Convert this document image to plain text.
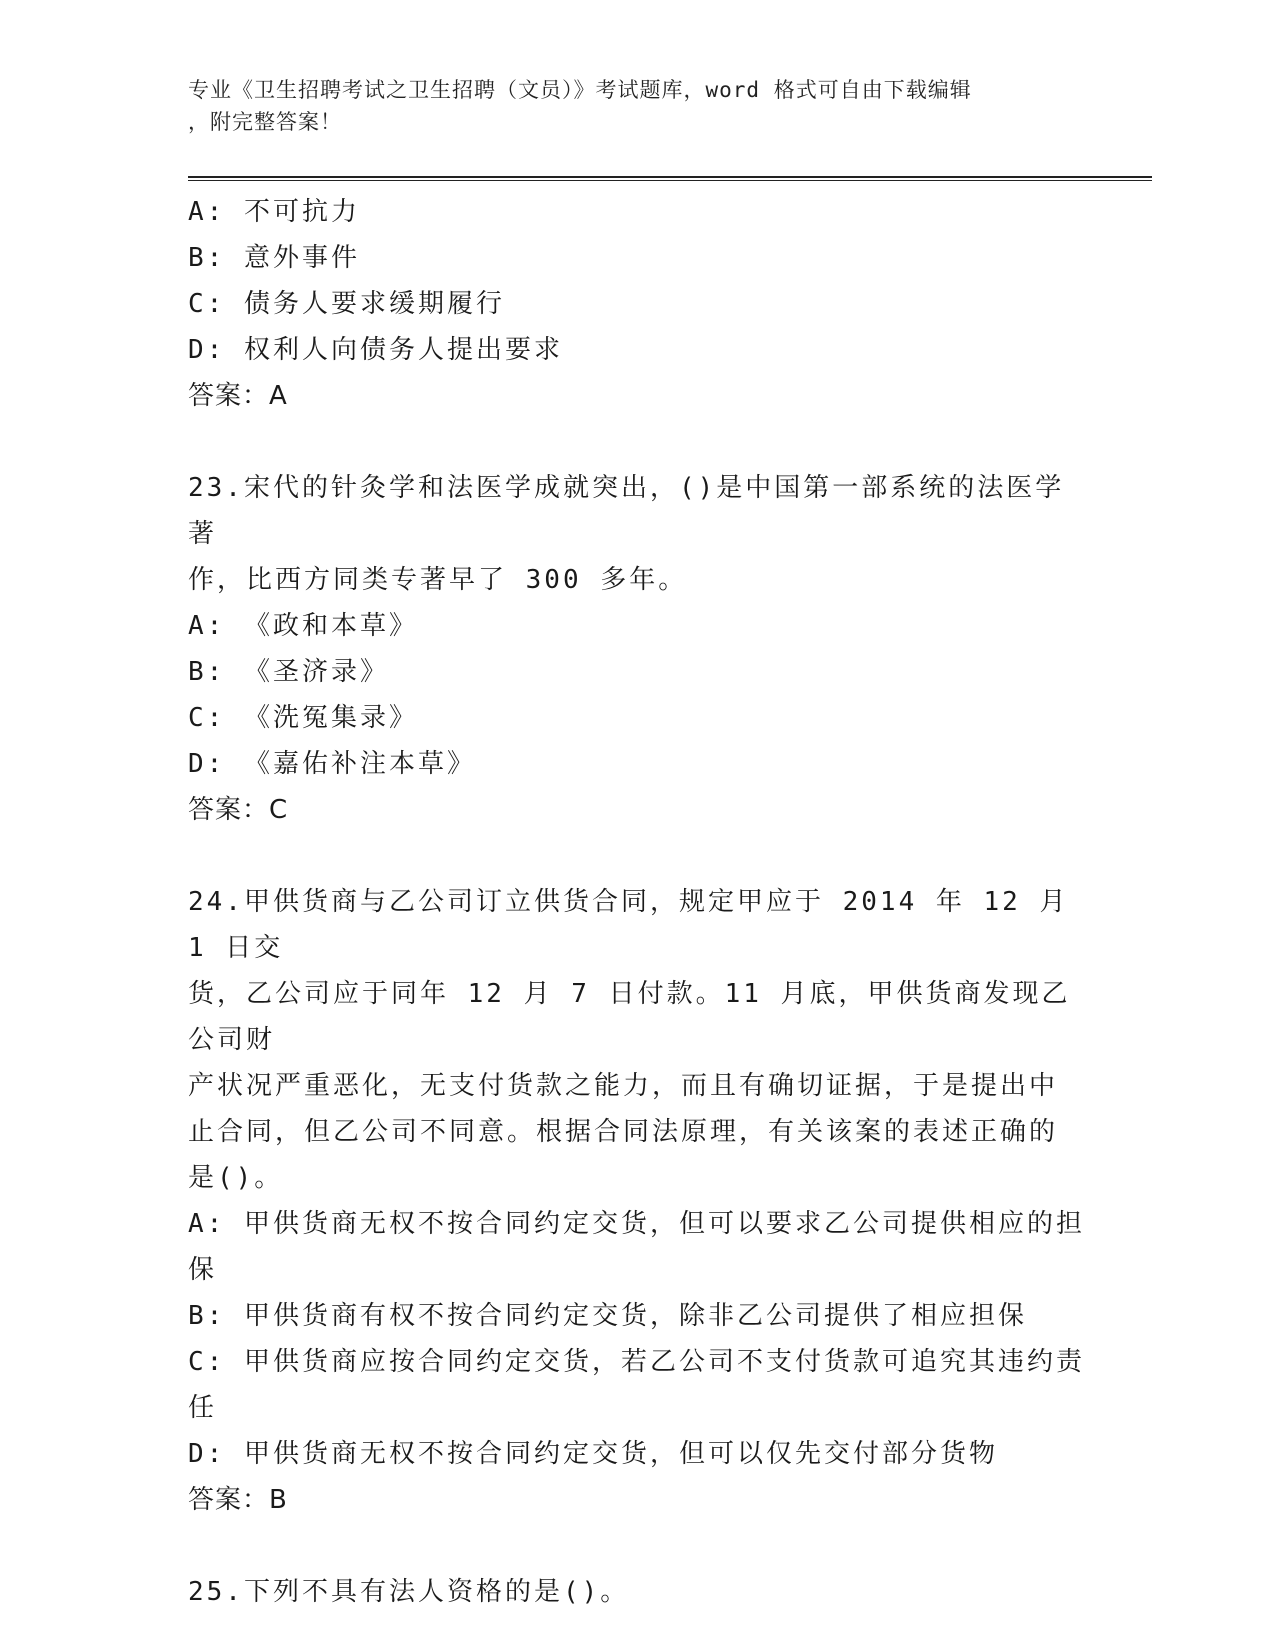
专业《卫生招聘考试之卫生招聘（文员）》考试题库，word 格式可自由下载编辑
，附完整答案！
A: 不可抗力
B: 意外事件
C: 债务人要求缓期履行
D: 权利人向债务人提出要求
答案：A
23.宋代的针灸学和法医学成就突出，()是中国第一部系统的法医学著
作，比西方同类专著早了 300 多年。
A: 《政和本草》
B: 《圣济录》
C: 《洗冤集录》
D: 《嘉佑补注本草》
答案：C
24.甲供货商与乙公司订立供货合同，规定甲应于 2014 年 12 月 1 日交
货，乙公司应于同年 12 月 7 日付款。11 月底，甲供货商发现乙公司财
产状况严重恶化，无支付货款之能力，而且有确切证据，于是提出中
止合同，但乙公司不同意。根据合同法原理，有关该案的表述正确的
是()。
A: 甲供货商无权不按合同约定交货，但可以要求乙公司提供相应的担
保
B: 甲供货商有权不按合同约定交货，除非乙公司提供了相应担保
C: 甲供货商应按合同约定交货，若乙公司不支付货款可追究其违约责
任
D: 甲供货商无权不按合同约定交货，但可以仅先交付部分货物
答案：B
25.下列不具有法人资格的是()。
